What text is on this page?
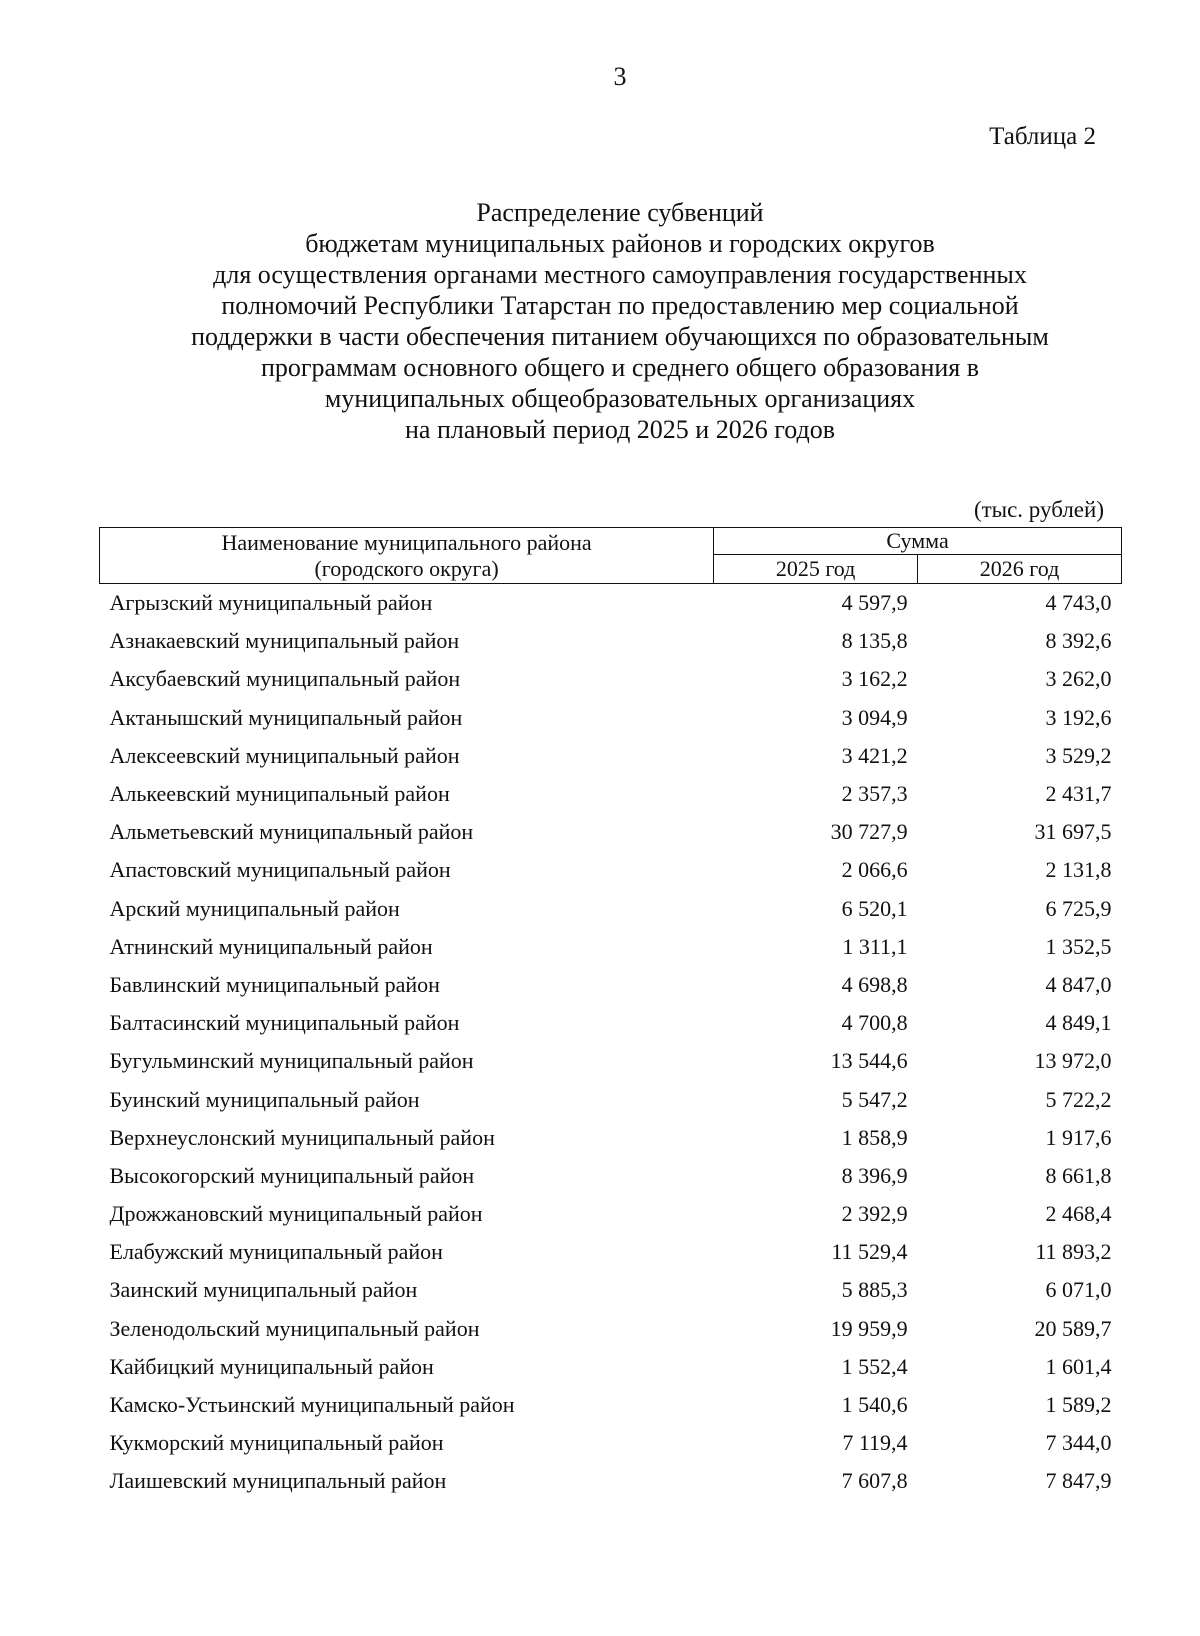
3
Таблица 2
Распределение субвенций
бюджетам муниципальных районов и городских округов
для осуществления органами местного самоуправления государственных
полномочий Республики Татарстан по предоставлению мер социальной
поддержки в части обеспечения питанием обучающихся по образовательным
программам основного общего и среднего общего образования в
муниципальных общеобразовательных организациях
на плановый период 2025 и 2026 годов
(тыс. рублей)
Наименование муниципального района
(городского округа)	Сумма	
	2025 год	2026 год
Агрызский муниципальный район	4 597,9	4 743,0
Азнакаевский муниципальный район	8 135,8	8 392,6
Аксубаевский муниципальный район	3 162,2	3 262,0
Актанышский муниципальный район	3 094,9	3 192,6
Алексеевский муниципальный район	3 421,2	3 529,2
Алькеевский муниципальный район	2 357,3	2 431,7
Альметьевский муниципальный район	30 727,9	31 697,5
Апастовский муниципальный район	2 066,6	2 131,8
Арский муниципальный район	6 520,1	6 725,9
Атнинский муниципальный район	1 311,1	1 352,5
Бавлинский муниципальный район	4 698,8	4 847,0
Балтасинский муниципальный район	4 700,8	4 849,1
Бугульминский муниципальный район	13 544,6	13 972,0
Буинский муниципальный район	5 547,2	5 722,2
Верхнеуслонский муниципальный район	1 858,9	1 917,6
Высокогорский муниципальный район	8 396,9	8 661,8
Дрожжановский муниципальный район	2 392,9	2 468,4
Елабужский муниципальный район	11 529,4	11 893,2
Заинский муниципальный район	5 885,3	6 071,0
Зеленодольский муниципальный район	19 959,9	20 589,7
Кайбицкий муниципальный район	1 552,4	1 601,4
Камско-Устьинский муниципальный район	1 540,6	1 589,2
Кукморский муниципальный район	7 119,4	7 344,0
Лаишевский муниципальный район	7 607,8	7 847,9
